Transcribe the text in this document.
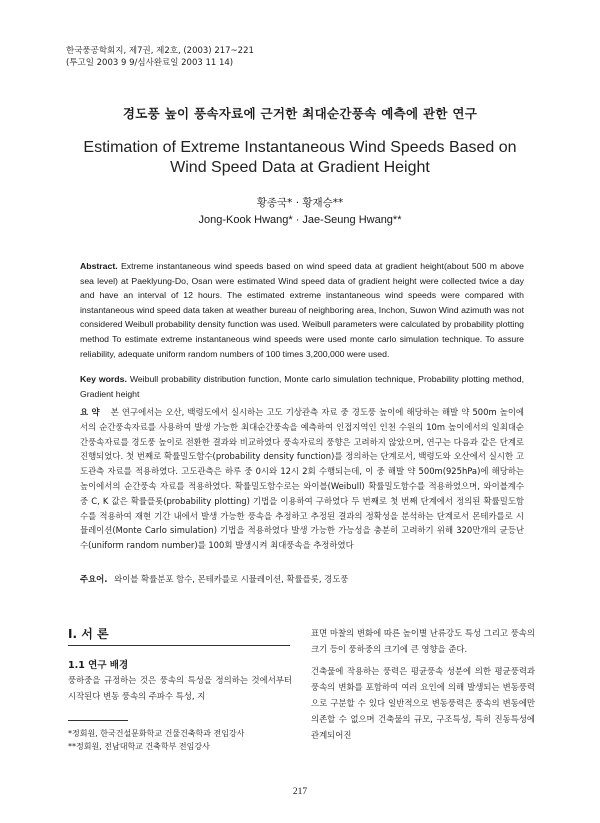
한국풍공학회지, 제7권, 제2호, (2003) 217~221
(투고일 2003 9 9/심사완료일 2003 11 14)
경도풍 높이 풍속자료에 근거한 최대순간풍속 예측에 관한 연구
Estimation of Extreme Instantaneous Wind Speeds Based on
Wind Speed Data at Gradient Height
황종국* · 황재승**
Jong-Kook Hwang* · Jae-Seung Hwang**
Abstract. Extreme instantaneous wind speeds based on wind speed data at gradient height(about 500 m above sea level) at Paeklyung-Do, Osan were estimated Wind speed data of gradient height were collected twice a day and have an interval of 12 hours. The estimated extreme instantaneous wind speeds were compared with instantaneous wind speed data taken at weather bureau of neighboring area, Inchon, Suwon Wind azimuth was not considered Weibull probability density function was used. Weibull parameters were calculated by probability plotting method To estimate extreme instantaneous wind speeds were used monte carlo simulation technique. To assure reliability, adequate uniform random numbers of 100 times 3,200,000 were used.
Key words. Weibull probability distribution function, Monte carlo simulation technique, Probability plotting method, Gradient height
요 약 본 연구에서는 오산, 백령도에서 실시하는 고도 기상관측 자료 중 경도풍 높이에 해당하는 해발 약 500m 높이에서의 순간풍속자료를 사용하여 발생 가능한 최대순간풍속을 예측하여 인접지역인 인천 수원의 10m 높이에서의 일최대순간풍속자료를 경도풍 높이로 전환한 결과와 비교하였다 풍속자료의 풍향은 고려하지 않았으며, 연구는 다음과 같은 단계로 진행되었다. 첫 번째로 확률밀도함수(probability density function)를 정의하는 단계로서, 백령도와 오산에서 실시한 고도관측 자료를 적용하였다. 고도관측은 하루 중 0시와 12시 2회 수행되는데, 이 중 해발 약 500m(925hPa)에 해당하는 높이에서의 순간풍속 자료를 적용하였다. 확률밀도함수로는 와이블(Weibull) 확률밀도함수를 적용하였으며, 와이블계수 중 C, K 값은 확률플롯(probability plotting) 기법을 이용하여 구하였다 두 번째로 첫 번째 단계에서 정의된 확률밀도함수를 적용하여 재현 기간 내에서 발생 가능한 풍속을 추정하고 추정된 결과의 정확성을 분석하는 단계로서 몬테카를로 시뮬레이션(Monte Carlo simulation) 기법을 적용하였다 발생 가능한 가능성을 충분히 고려하기 위해 320만개의 균등난수(uniform random number)를 100회 발생시켜 최대풍속을 추정하였다
주요어. 와이블 확률분포 함수, 몬테카를로 시뮬레이션, 확률플롯, 경도풍
I. 서 론
1.1 연구 배경
풍하중을 규정하는 것은 풍속의 특성을 정의하는 것에서부터 시작된다 변동 풍속의 주파수 특성, 지

표면 마찰의 변화에 따른 높이별 난류강도 특성 그리고 풍속의 크기 등이 풍하중의 크기에 큰 영향을 준다.

건축물에 작용하는 풍력은 평균풍속 성분에 의한 평균풍력과 풍속의 변화를 포함하여 여러 요인에 의해 발생되는 변동풍력으로 구분할 수 있다 일반적으로 변동풍력은 풍속의 변동에만 의존할 수 없으며 건축물의 규모, 구조특성, 특히 진동특성에 관계되어진

*정회원, 한국건설문화학교 건물건축학과 전임강사
**정회원, 전남대학교 건축학부 전임강사
217
